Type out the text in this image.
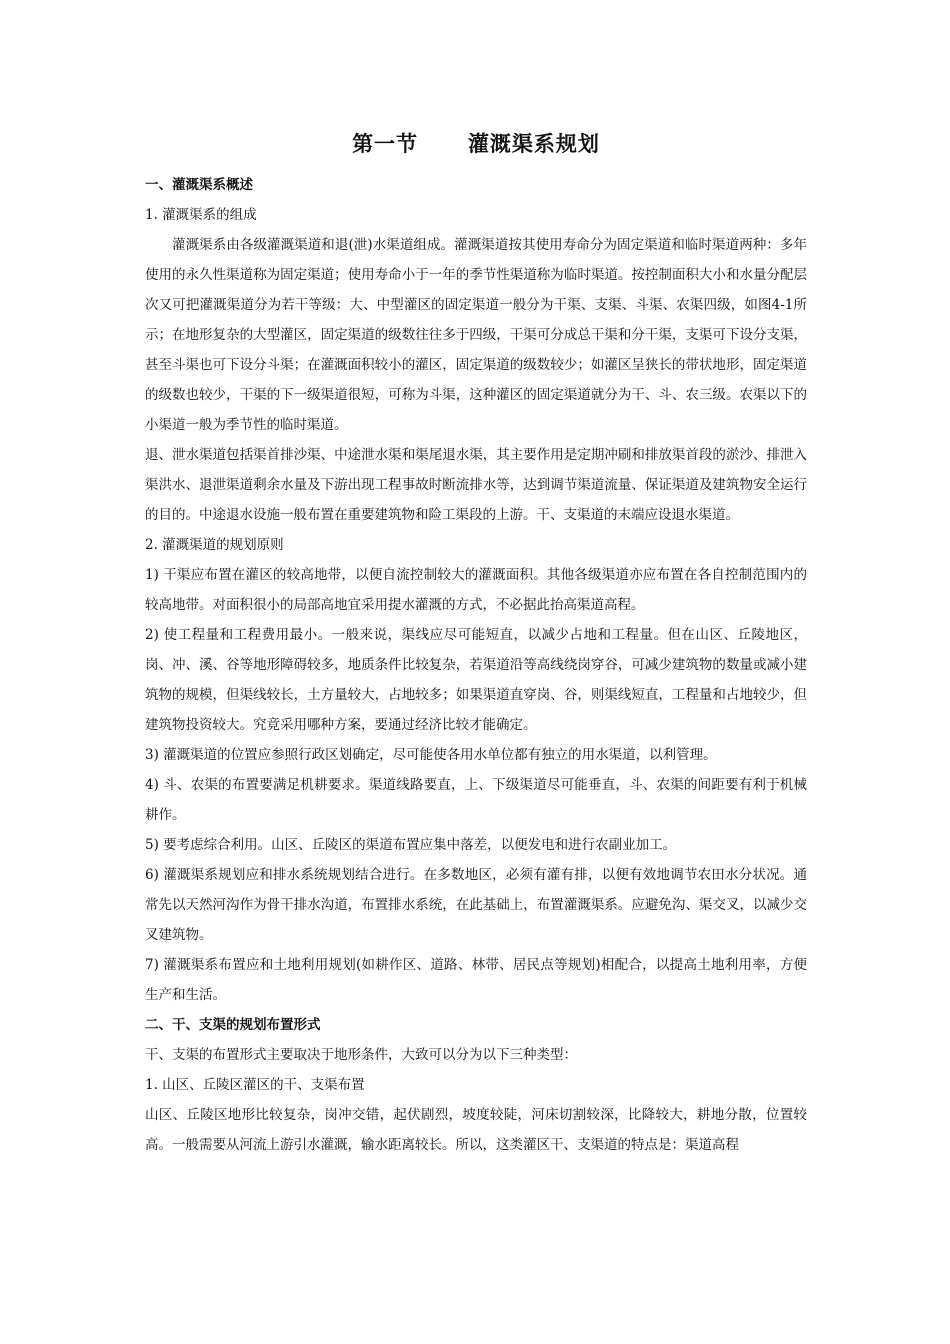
第一节      灌溉渠系规划
一、灌溉渠系概述
1. 灌溉渠系的组成

灌溉渠系由各级灌溉渠道和退(泄)水渠道组成。灌溉渠道按其使用寿命分为固定渠道和临时渠道两种：多年使用的永久性渠道称为固定渠道；使用寿命小于一年的季节性渠道称为临时渠道。按控制面积大小和水量分配层次又可把灌溉渠道分为若干等级：大、中型灌区的固定渠道一般分为干渠、支渠、斗渠、农渠四级，如图4-1所示；在地形复杂的大型灌区，固定渠道的级数往往多于四级，干渠可分成总干渠和分干渠，支渠可下设分支渠，甚至斗渠也可下设分斗渠；在灌溉面积较小的灌区，固定渠道的级数较少；如灌区呈狭长的带状地形，固定渠道的级数也较少，干渠的下一级渠道很短，可称为斗渠，这种灌区的固定渠道就分为干、斗、农三级。农渠以下的小渠道一般为季节性的临时渠道。

退、泄水渠道包括渠首排沙渠、中途泄水渠和渠尾退水渠，其主要作用是定期冲刷和排放渠首段的淤沙、排泄入渠洪水、退泄渠道剩余水量及下游出现工程事故时断流排水等，达到调节渠道流量、保证渠道及建筑物安全运行的目的。中途退水设施一般布置在重要建筑物和险工渠段的上游。干、支渠道的末端应设退水渠道。

2. 灌溉渠道的规划原则

1) 干渠应布置在灌区的较高地带，以便自流控制较大的灌溉面积。其他各级渠道亦应布置在各自控制范围内的较高地带。对面积很小的局部高地宜采用提水灌溉的方式，不必据此抬高渠道高程。

2) 使工程量和工程费用最小。一般来说，渠线应尽可能短直，以减少占地和工程量。但在山区、丘陵地区，岗、冲、溪、谷等地形障碍较多，地质条件比较复杂，若渠道沿等高线绕岗穿谷，可减少建筑物的数量或减小建筑物的规模，但渠线较长，土方量较大，占地较多；如果渠道直穿岗、谷，则渠线短直，工程量和占地较少，但建筑物投资较大。究竟采用哪种方案，要通过经济比较才能确定。

3) 灌溉渠道的位置应参照行政区划确定，尽可能使各用水单位都有独立的用水渠道，以利管理。

4) 斗、农渠的布置要满足机耕要求。渠道线路要直，上、下级渠道尽可能垂直，斗、农渠的间距要有利于机械耕作。

5) 要考虑综合利用。山区、丘陵区的渠道布置应集中落差，以便发电和进行农副业加工。

6) 灌溉渠系规划应和排水系统规划结合进行。在多数地区，必须有灌有排，以便有效地调节农田水分状况。通常先以天然河沟作为骨干排水沟道，布置排水系统，在此基础上，布置灌溉渠系。应避免沟、渠交叉，以减少交叉建筑物。

7) 灌溉渠系布置应和土地利用规划(如耕作区、道路、林带、居民点等规划)相配合，以提高土地利用率，方便生产和生活。

二、干、支渠的规划布置形式

干、支渠的布置形式主要取决于地形条件，大致可以分为以下三种类型：

1. 山区、丘陵区灌区的干、支渠布置

山区、丘陵区地形比较复杂，岗冲交错，起伏剧烈，坡度较陡，河床切割较深，比降较大，耕地分散，位置较高。一般需要从河流上游引水灌溉，输水距离较长。所以，这类灌区干、支渠道的特点是：渠道高程
